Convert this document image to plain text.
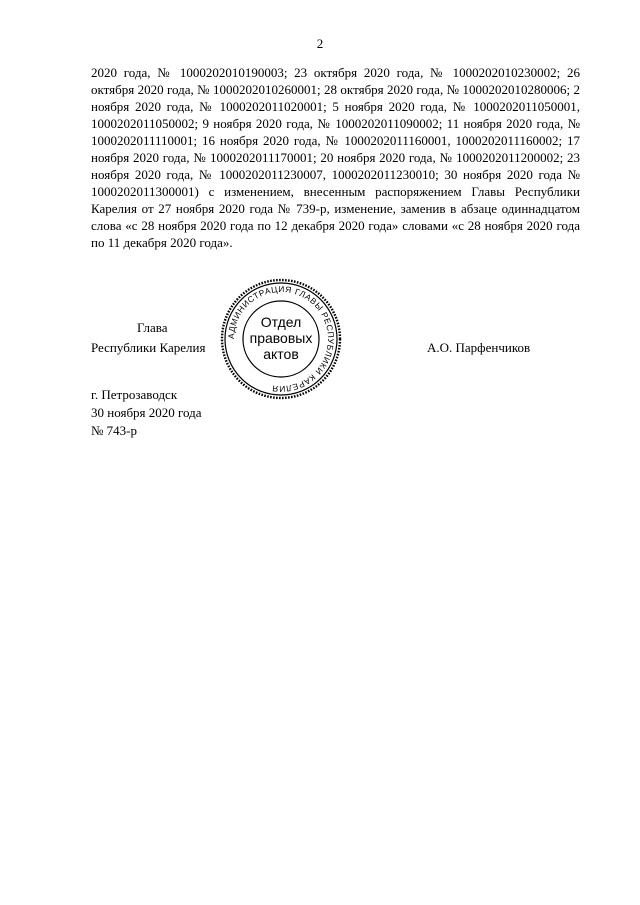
2

2020 года, № 1000202010190003; 23 октября 2020 года, № 1000202010230002; 26 октября 2020 года, № 1000202010260001; 28 октября 2020 года, № 1000202010280006; 2 ноября 2020 года, № 1000202011020001; 5 ноября 2020 года, № 1000202011050001, 1000202011050002; 9 ноября 2020 года, № 1000202011090002; 11 ноября 2020 года, № 1000202011110001; 16 ноября 2020 года, № 1000202011160001, 1000202011160002; 17 ноября 2020 года, № 1000202011170001; 20 ноября 2020 года, № 1000202011200002; 23 ноября 2020 года, № 1000202011230007, 1000202011230010; 30 ноября 2020 года № 1000202011300001) с изменением, внесенным распоряжением Главы Республики Карелия от 27 ноября 2020 года № 739-р, изменение, заменив в абзаце одиннадцатом слова «с 28 ноября 2020 года по 12 декабря 2020 года» словами «с 28 ноября 2020 года по 11 декабря 2020 года».

Глава
Республики Карелия
АДМИНИСТРАЦИЯ ГЛАВЫ РЕСПУБЛИКИ КАРЕЛИЯ
Отдел
правовых
актов	А.О. Парфенчиков
г. Петрозаводск
30 ноября 2020 года
№ 743-р
